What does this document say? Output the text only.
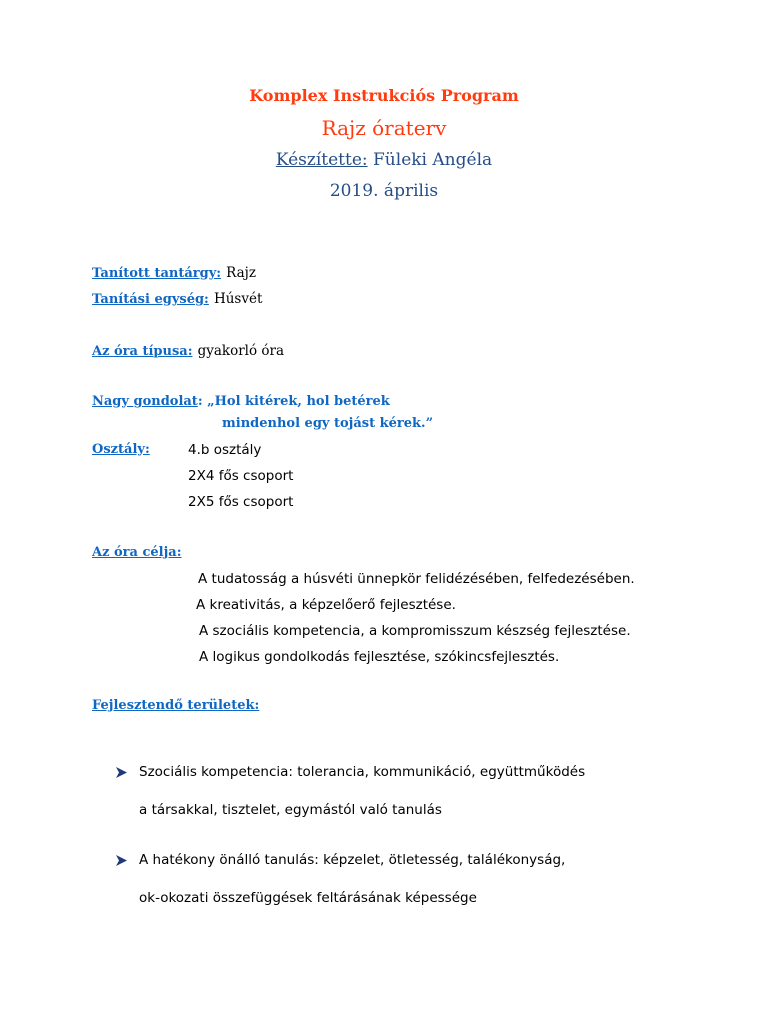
Komplex Instrukciós Program
Rajz óraterv
Készítette: Füleki Angéla
2019. április
Tanított tantárgy: Rajz
Tanítási egység: Húsvét
Az óra típusa: gyakorló óra
Nagy gondolat: „Hol kitérek, hol betérek
mindenhol egy tojást kérek.”
Osztály:	4.b osztály
2X4 fős csoport
2X5 fős csoport
Az óra célja:
A tudatosság a húsvéti ünnepkör felidézésében, felfedezésében.
A kreativitás, a képzelőerő fejlesztése.
A szociális kompetencia, a kompromisszum készség fejlesztése.
A logikus gondolkodás fejlesztése, szókincsfejlesztés.
Fejlesztendő területek:
Szociális kompetencia: tolerancia, kommunikáció, együttműködés
a társakkal, tisztelet, egymástól való tanulás
A hatékony önálló tanulás: képzelet, ötletesség, találékonyság,
ok-okozati összefüggések feltárásának képessége
